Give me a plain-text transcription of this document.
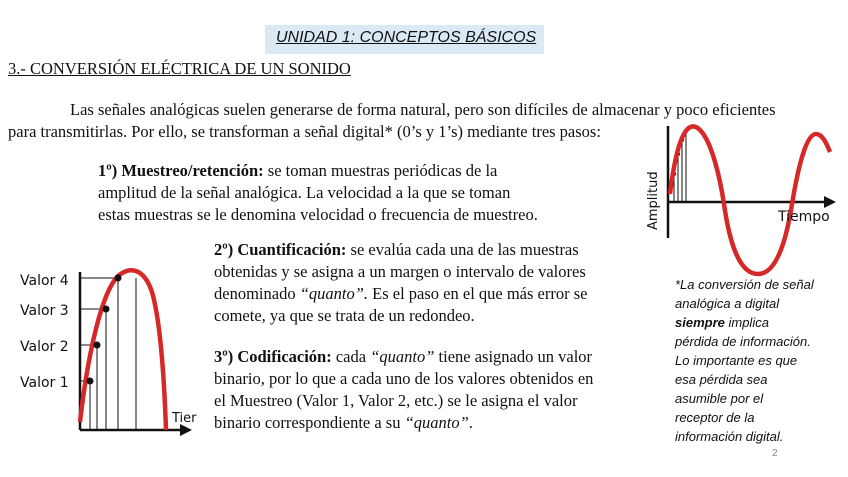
UNIDAD 1: CONCEPTOS BÁSICOS
3.- CONVERSIÓN ELÉCTRICA DE UN SONIDO
Las señales analógicas suelen generarse de forma natural, pero son difíciles de almacenar y poco eficientes
para transmitirlas. Por ello, se transforman a señal digital* (0’s y 1’s) mediante tres pasos:
1º) Muestreo/retención: se toman muestras periódicas de la
amplitud de la señal analógica. La velocidad a la que se toman
estas muestras se le denomina velocidad o frecuencia de muestreo.
2º) Cuantificación: se evalúa cada una de las muestras
obtenidas y se asigna a un margen o intervalo de valores
denominado “quanto”. Es el paso en el que más error se
comete, ya que se trata de un redondeo.
3º) Codificación: cada “quanto” tiene asignado un valor
binario, por lo que a cada uno de los valores obtenidos en
el Muestreo (Valor 1, Valor 2, etc.) se le asigna el valor
binario correspondiente a su “quanto”.
Amplitud	Tiempo
Valor 4
Valor 3
Valor 2
Valor 1
Tier
*La conversión de señal
analógica a digital
siempre implica
pérdida de información.
Lo importante es que
esa pérdida sea
asumible por el
receptor de la
información digital.
2
